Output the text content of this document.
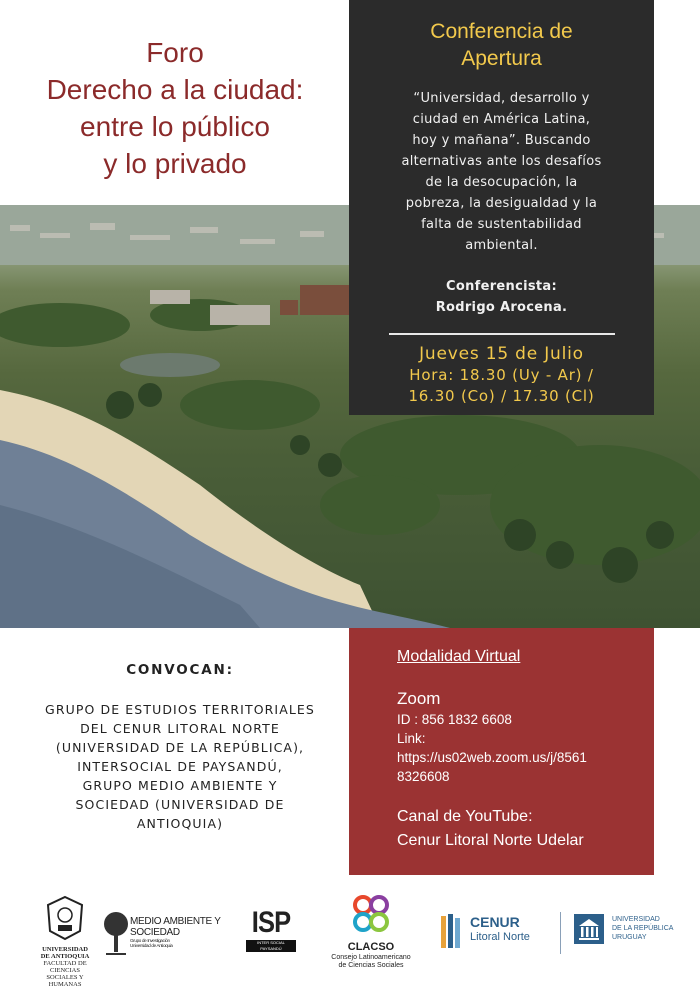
Foro
Derecho a la ciudad:
entre lo público
y lo privado
Conferencia de
Apertura
“Universidad, desarrollo y
ciudad en América Latina,
hoy y mañana”. Buscando
alternativas ante los desafíos
de la desocupación, la
pobreza, la desigualdad y la
falta de sustentabilidad
ambiental.
Conferencista:
Rodrigo Arocena.
Jueves 15 de Julio
Hora: 18.30 (Uy - Ar) /
16.30 (Co) / 17.30 (Cl)
CONVOCAN:
GRUPO DE ESTUDIOS TERRITORIALES
DEL CENUR LITORAL NORTE
(UNIVERSIDAD DE LA REPÚBLICA),
INTERSOCIAL DE PAYSANDÚ,
GRUPO MEDIO AMBIENTE Y
SOCIEDAD (UNIVERSIDAD DE
ANTIOQUIA)
Modalidad Virtual
Zoom
ID : 856 1832 6608
Link:
https://us02web.zoom.us/j/8561
8326608
Canal de YouTube:
Cenur Litoral Norte Udelar
UNIVERSIDAD
DE ANTIOQUIA
FACULTAD DE CIENCIAS
SOCIALES Y HUMANAS
MEDIO AMBIENTE Y
SOCIEDAD
Grupo de Investigación
Universidad de Antioquia
ISP
INTER SOCIAL PAYSANDÚ	CLACSO
Consejo Latinoamericano
de Ciencias Sociales
CENUR
Litoral Norte
UNIVERSIDAD
DE LA REPÚBLICA
URUGUAY
